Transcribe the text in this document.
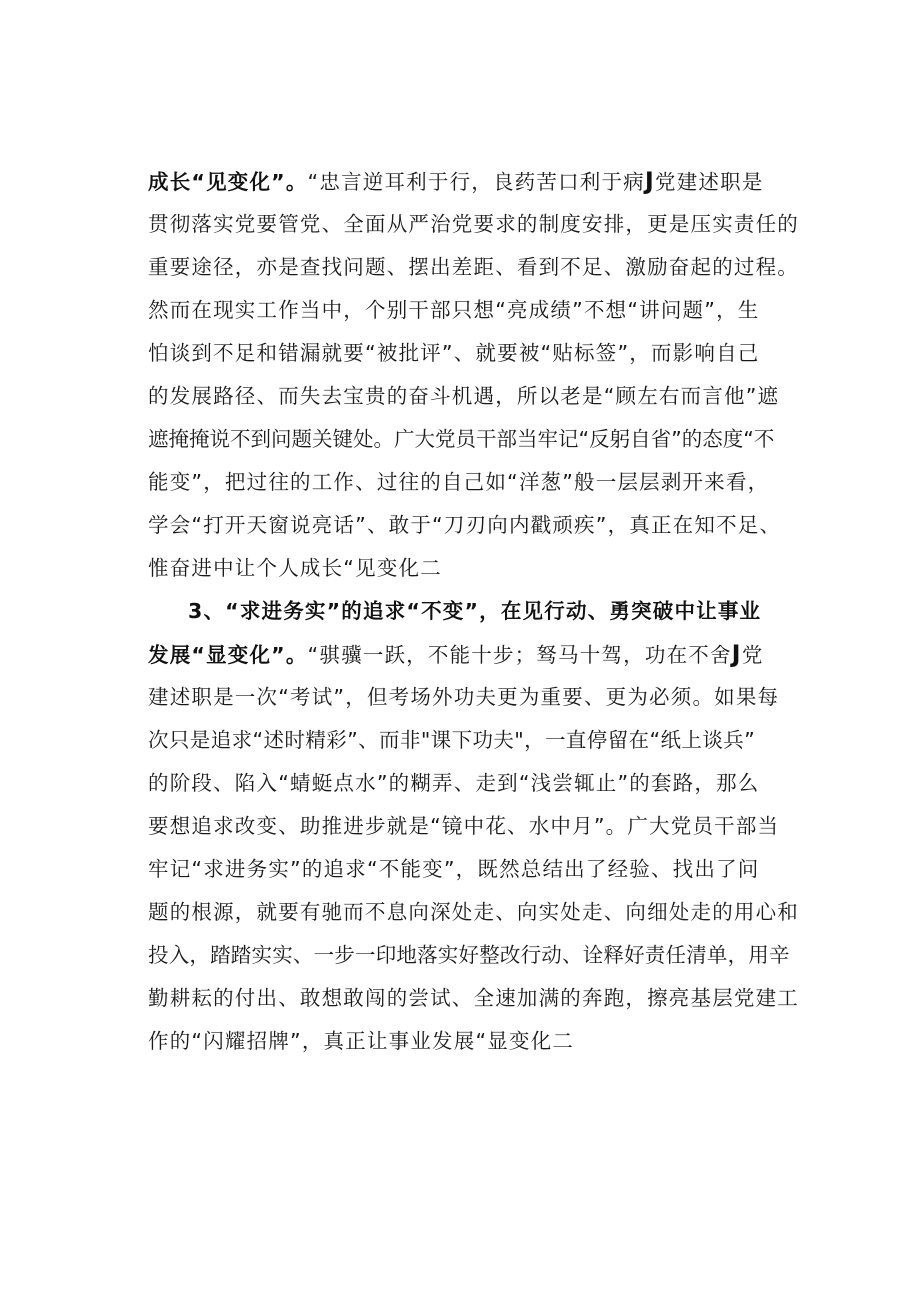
成长“见变化”。“忠言逆耳利于行，良药苦口利于病J党建述职是
贯彻落实党要管党、全面从严治党要求的制度安排，更是压实责任的
重要途径，亦是查找问题、摆出差距、看到不足、激励奋起的过程。
然而在现实工作当中，个别干部只想“亮成绩”不想“讲问题”，生
怕谈到不足和错漏就要“被批评”、就要被“贴标签”，而影响自己
的发展路径、而失去宝贵的奋斗机遇，所以老是“顾左右而言他”遮
遮掩掩说不到问题关键处。广大党员干部当牢记“反躬自省”的态度“不
能变”，把过往的工作、过往的自己如“洋葱”般一层层剥开来看，
学会“打开天窗说亮话”、敢于“刀刃向内戳顽疾”，真正在知不足、
惟奋进中让个人成长“见变化二
3、“求进务实”的追求“不变”，在见行动、勇突破中让事业
发展“显变化”。“骐骥一跃，不能十步；驽马十驾，功在不舍J党
建述职是一次“考试”，但考场外功夫更为重要、更为必须。如果每
次只是追求“述时精彩”、而非"课下功夫"，一直停留在“纸上谈兵”
的阶段、陷入“蜻蜓点水”的糊弄、走到“浅尝辄止”的套路，那么
要想追求改变、助推进步就是“镜中花、水中月”。广大党员干部当
牢记“求进务实”的追求“不能变”，既然总结出了经验、找出了问
题的根源，就要有驰而不息向深处走、向实处走、向细处走的用心和
投入，踏踏实实、一步一印地落实好整改行动、诠释好责任清单，用辛
勤耕耘的付出、敢想敢闯的尝试、全速加满的奔跑，擦亮基层党建工
作的“闪耀招牌”，真正让事业发展“显变化二
